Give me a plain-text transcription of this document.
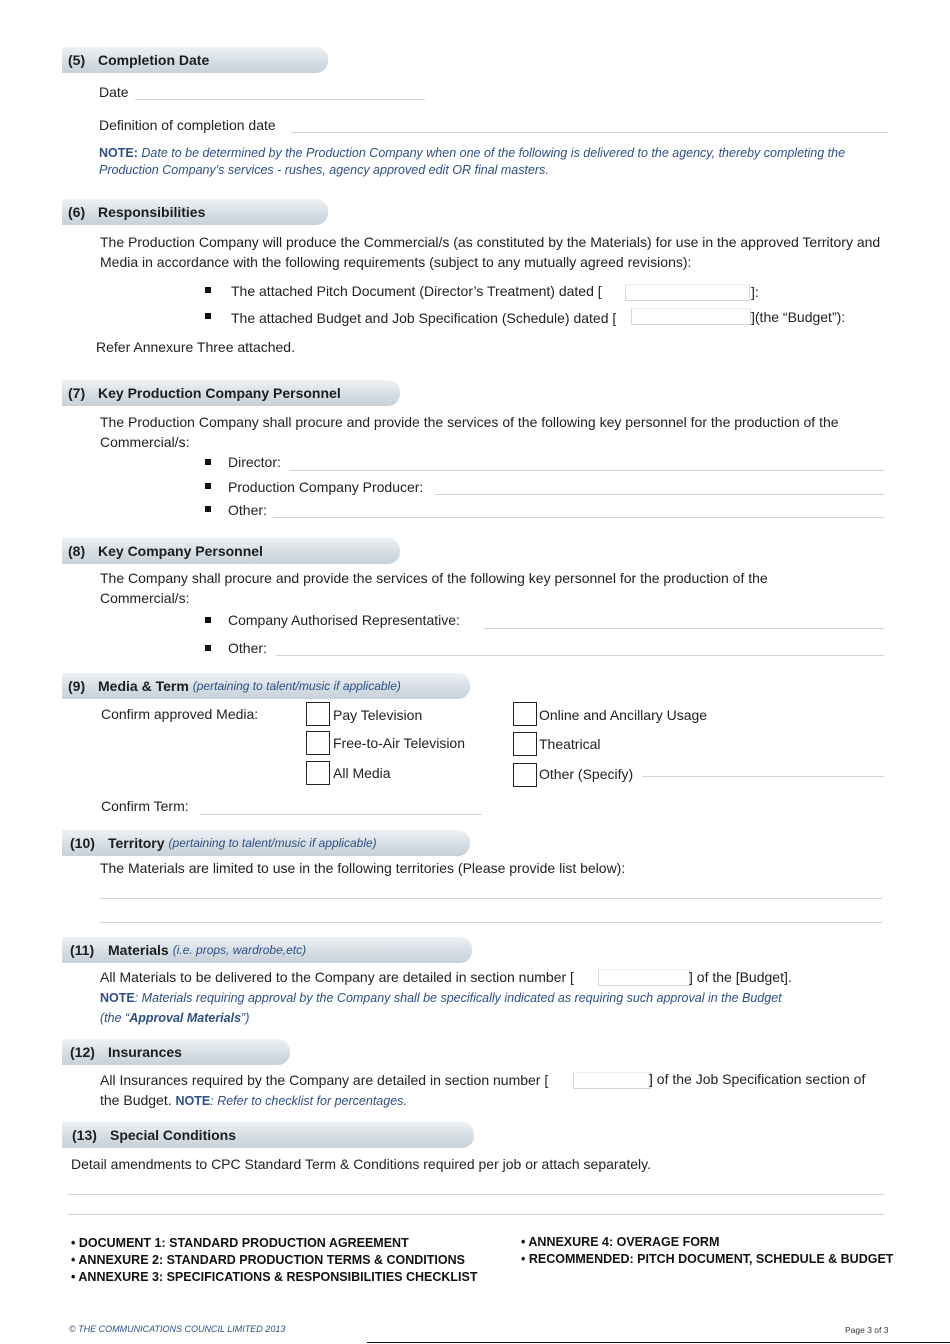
(5) Completion Date
Date
Definition of completion date
NOTE: Date to be determined by the Production Company when one of the following is delivered to the agency, thereby completing the Production Company's services - rushes, agency approved edit OR final masters.
(6) Responsibilities
The Production Company will produce the Commercial/s (as constituted by the Materials) for use in the approved Territory and Media in accordance with the following requirements (subject to any mutually agreed revisions):
The attached Pitch Document (Director’s Treatment) dated [	]:
The attached Budget and Job Specification (Schedule) dated [	](the “Budget”):
Refer Annexure Three attached.
(7) Key Production Company Personnel
The Production Company shall procure and provide the services of the following key personnel for the production of the Commercial/s:
Director:
Production Company Producer:
Other:
(8) Key Company Personnel
The Company shall procure and provide the services of the following key personnel for the production of the Commercial/s:
Company Authorised Representative:
Other:
(9) Media & Term (pertaining to talent/music if applicable)
Confirm approved Media:	Pay Television	Online and Ancillary Usage
Free-to-Air Television	Theatrical
All Media	Other (Specify)
Confirm Term:
(10) Territory (pertaining to talent/music if applicable)
The Materials are limited to use in the following territories (Please provide list below):
(11) Materials (i.e. props, wardrobe,etc)
All Materials to be delivered to the Company are detailed in section number [	] of the [Budget].
NOTE: Materials requiring approval by the Company shall be specifically indicated as requiring such approval in the Budget
(the “Approval Materials”)
(12) Insurances
All Insurances required by the Company are detailed in section number [	] of the Job Specification section of
the Budget. NOTE: Refer to checklist for percentages.
(13) Special Conditions
Detail amendments to CPC Standard Term & Conditions required per job or attach separately.
• DOCUMENT 1: STANDARD PRODUCTION AGREEMENT
• ANNEXURE 2: STANDARD PRODUCTION TERMS & CONDITIONS
• ANNEXURE 3: SPECIFICATIONS & RESPONSIBILITIES CHECKLIST
• ANNEXURE 4: OVERAGE FORM
• RECOMMENDED: PITCH DOCUMENT, SCHEDULE & BUDGET
© THE COMMUNICATIONS COUNCIL LIMITED 2013	Page 3 of 3
